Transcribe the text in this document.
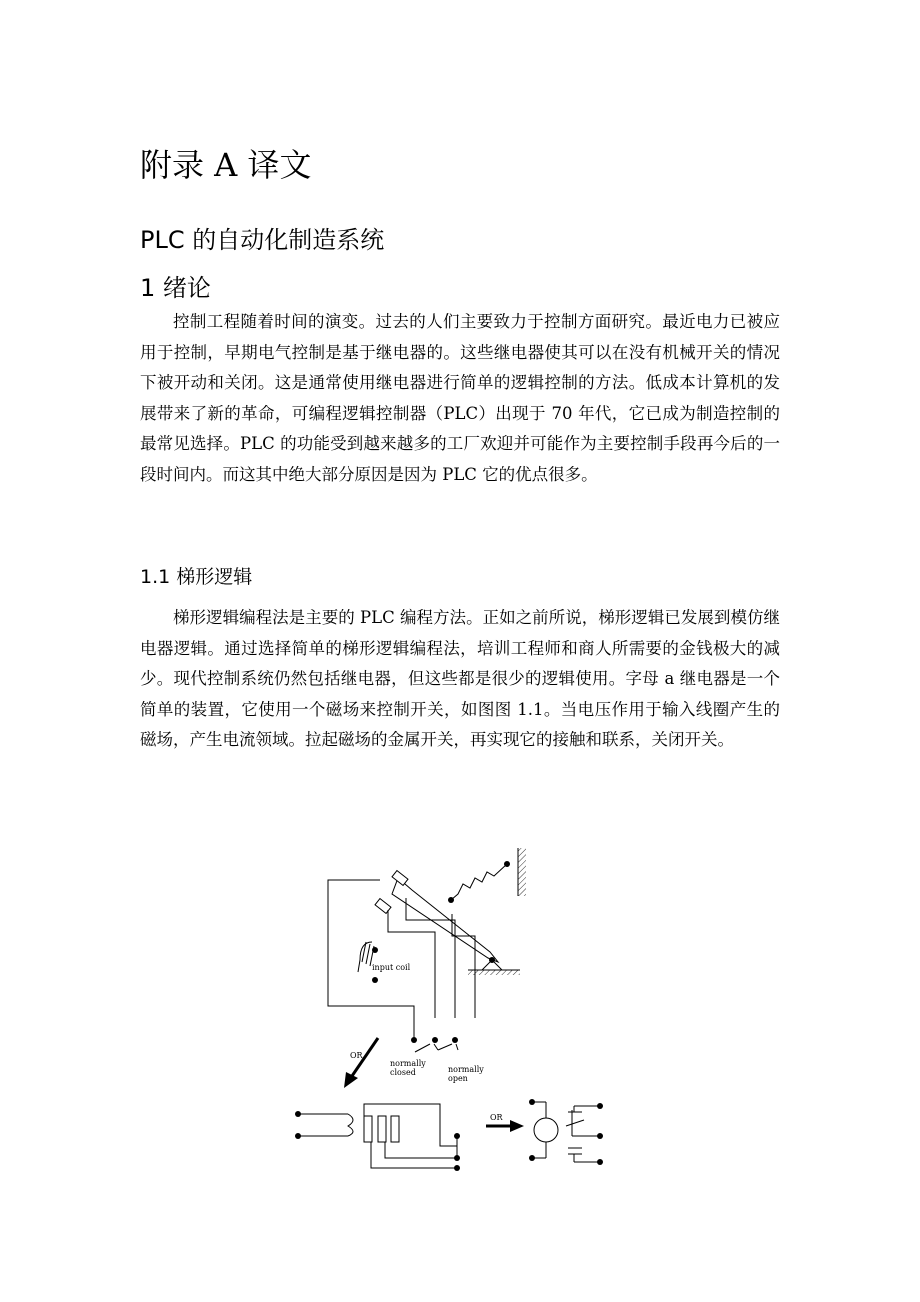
附录 A 译文
PLC 的自动化制造系统
1 绪论

控制工程随着时间的演变。过去的人们主要致力于控制方面研究。最近电力已被应用于控制，早期电气控制是基于继电器的。这些继电器使其可以在没有机械开关的情况下被开动和关闭。这是通常使用继电器进行简单的逻辑控制的方法。低成本计算机的发展带来了新的革命，可编程逻辑控制器（PLC）出现于 70 年代，它已成为制造控制的最常见选择。PLC 的功能受到越来越多的工厂欢迎并可能作为主要控制手段再今后的一段时间内。而这其中绝大部分原因是因为 PLC 它的优点很多。

1.1 梯形逻辑

梯形逻辑编程法是主要的 PLC 编程方法。正如之前所说，梯形逻辑已发展到模仿继电器逻辑。通过选择简单的梯形逻辑编程法，培训工程师和商人所需要的金钱极大的减少。现代控制系统仍然包括继电器，但这些都是很少的逻辑使用。字母 a 继电器是一个简单的装置，它使用一个磁场来控制开关，如图图 1.1。当电压作用于输入线圈产生的磁场，产生电流领域。拉起磁场的金属开关，再实现它的接触和联系，关闭开关。

input coil
OR
normally
closed	normally
open
OR
